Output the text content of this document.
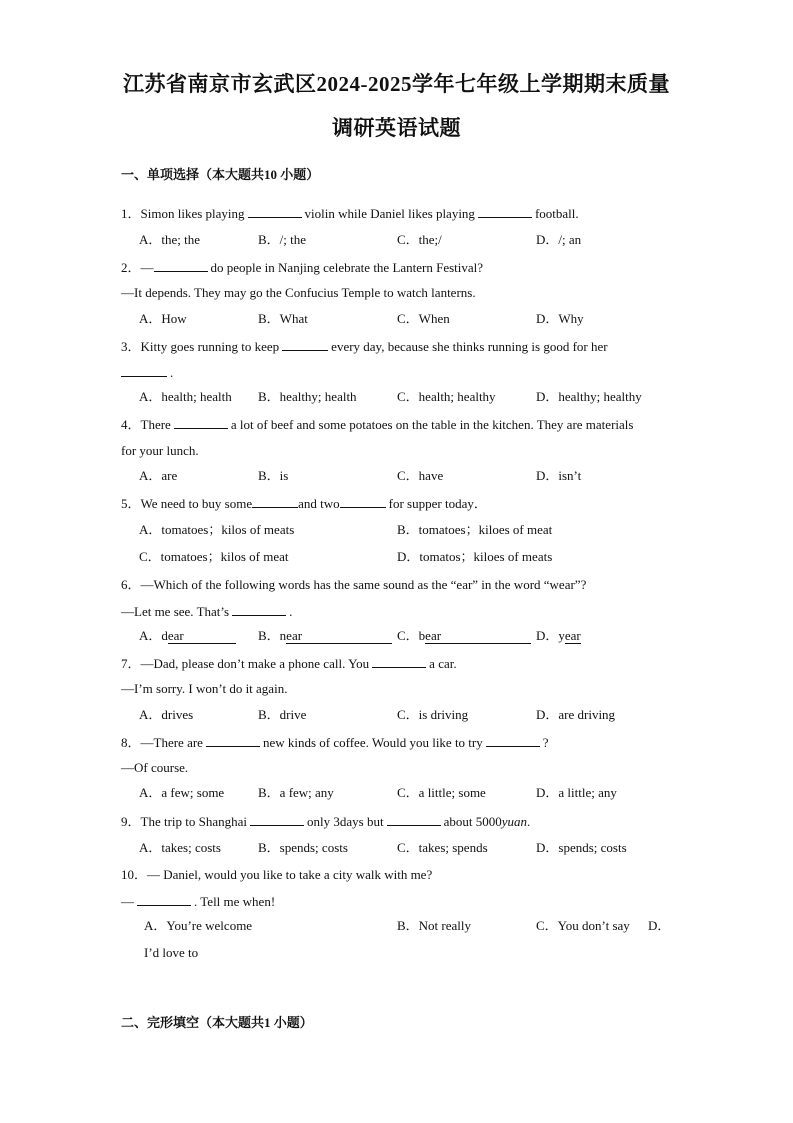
江苏省南京市玄武区2024-2025学年七年级上学期期末质量
调研英语试题
一、单项选择（本大题共10 小题）
1．Simon likes playing	violin while Daniel likes playing	football.
A．the; the	B．/; the	C．the;/	D．/; an
2．—	do people in Nanjing celebrate the Lantern Festival?
—It depends. They may go the Confucius Temple to watch lanterns.
A．How	B．What	C．When	D．Why
3．Kitty goes running to keep	every day, because she thinks running is good for her
.
A．health; health B．healthy; health	C．health; healthy	D．healthy; healthy
4．There	a lot of beef and some potatoes on the table in the kitchen. They are materials
for your lunch.
A．are	B．is	C．have	D．isn’t
5．We need to buy some	and two	for supper today．
A．tomatoes；kilos of meats	B．tomatoes；kiloes of meat
C．tomatoes；kilos of meat	D．tomatos；kiloes of meats
6．—Which of the following words has the same sound as the “ear” in the word “wear”?
—Let me see. That’s	.
A．dear	B．near	C．bear	D．year
7．—Dad, please don’t make a phone call. You	a car.
—I’m sorry. I won’t do it again.
A．drives	B．drive	C．is driving	D．are driving
8．—There are	new kinds of coffee. Would you like to try	?
—Of course.
A．a few; some	B．a few; any	C．a little; some	D．a little; any
9．The trip to Shanghai	only 3days but	about 5000yuan.
A．takes; costs	B．spends; costs	C．takes; spends	D．spends; costs
10．— Daniel, would you like to take a city walk with me?
—	. Tell me when!
A．You’re welcome	B．Not really	C．You don’t say D．
I’d love to
二、完形填空（本大题共1 小题）
